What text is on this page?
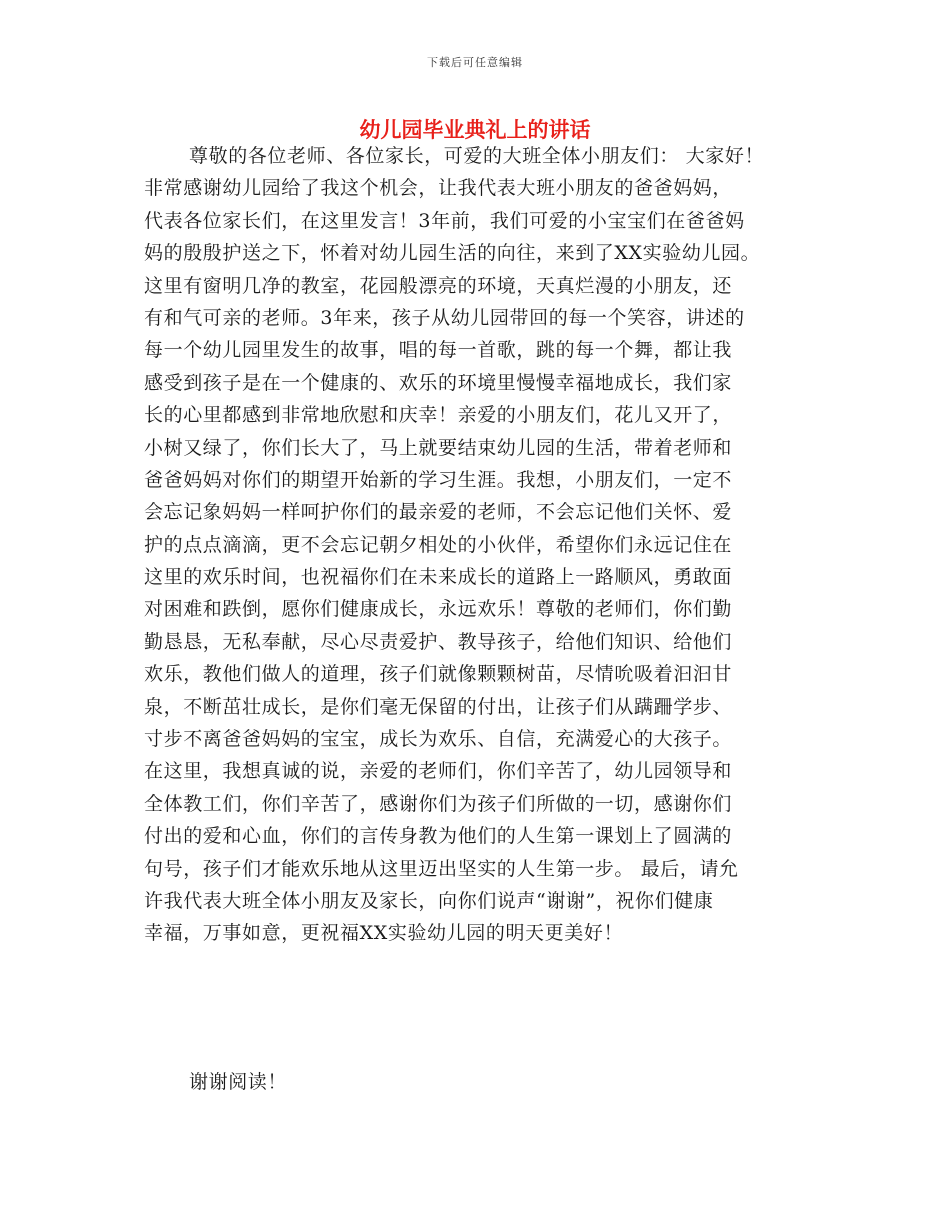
下载后可任意编辑
幼儿园毕业典礼上的讲话
尊敬的各位老师、各位家长，可爱的大班全体小朋友们： 大家好！
非常感谢幼儿园给了我这个机会，让我代表大班小朋友的爸爸妈妈，
代表各位家长们，在这里发言！3年前，我们可爱的小宝宝们在爸爸妈
妈的殷殷护送之下，怀着对幼儿园生活的向往，来到了XX实验幼儿园。
这里有窗明几净的教室，花园般漂亮的环境，天真烂漫的小朋友，还
有和气可亲的老师。3年来，孩子从幼儿园带回的每一个笑容，讲述的
每一个幼儿园里发生的故事，唱的每一首歌，跳的每一个舞，都让我
感受到孩子是在一个健康的、欢乐的环境里慢慢幸福地成长，我们家
长的心里都感到非常地欣慰和庆幸！亲爱的小朋友们，花儿又开了，
小树又绿了，你们长大了，马上就要结束幼儿园的生活，带着老师和
爸爸妈妈对你们的期望开始新的学习生涯。我想，小朋友们，一定不
会忘记象妈妈一样呵护你们的最亲爱的老师，不会忘记他们关怀、爱
护的点点滴滴，更不会忘记朝夕相处的小伙伴，希望你们永远记住在
这里的欢乐时间，也祝福你们在未来成长的道路上一路顺风，勇敢面
对困难和跌倒，愿你们健康成长，永远欢乐！尊敬的老师们，你们勤
勤恳恳，无私奉献，尽心尽责爱护、教导孩子，给他们知识、给他们
欢乐，教他们做人的道理，孩子们就像颗颗树苗，尽情吮吸着汩汩甘
泉，不断茁壮成长，是你们毫无保留的付出，让孩子们从蹒跚学步、
寸步不离爸爸妈妈的宝宝，成长为欢乐、自信，充满爱心的大孩子。
在这里，我想真诚的说，亲爱的老师们，你们辛苦了，幼儿园领导和
全体教工们，你们辛苦了，感谢你们为孩子们所做的一切，感谢你们
付出的爱和心血，你们的言传身教为他们的人生第一课划上了圆满的
句号，孩子们才能欢乐地从这里迈出坚实的人生第一步。 最后，请允
许我代表大班全体小朋友及家长，向你们说声“谢谢”，祝你们健康
幸福，万事如意，更祝福XX实验幼儿园的明天更美好！
谢谢阅读！
